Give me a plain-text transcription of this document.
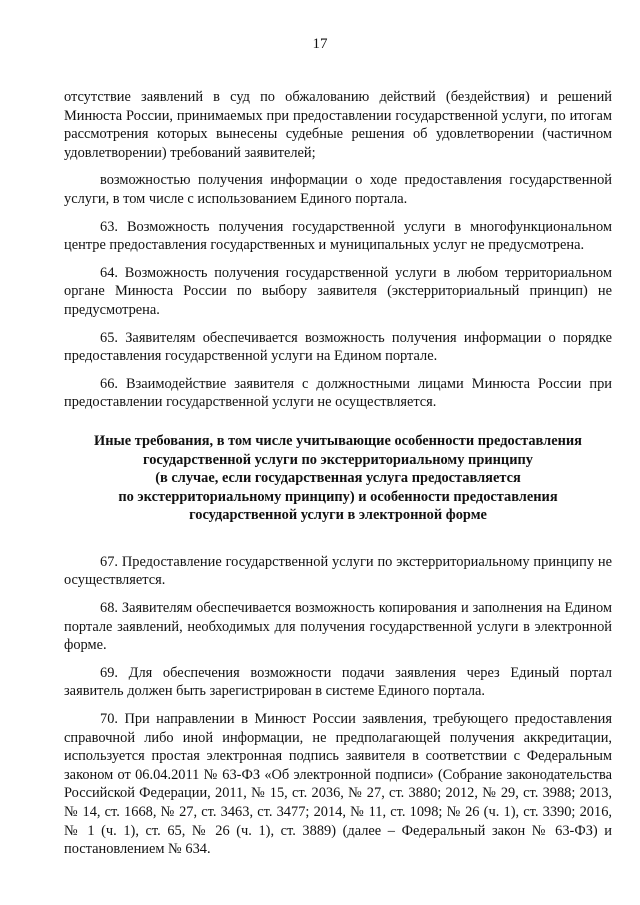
17

отсутствие заявлений в суд по обжалованию действий (бездействия) и решений Минюста России, принимаемых при предоставлении государственной услуги, по итогам рассмотрения которых вынесены судебные решения об удовлетворении (частичном удовлетворении) требований заявителей;

возможностью получения информации о ходе предоставления государственной услуги, в том числе с использованием Единого портала.

63. Возможность получения государственной услуги в многофункциональном центре предоставления государственных и муниципальных услуг не предусмотрена.

64. Возможность получения государственной услуги в любом территориальном органе Минюста России по выбору заявителя (экстерриториальный принцип) не предусмотрена.

65. Заявителям обеспечивается возможность получения информации о порядке предоставления государственной услуги на Едином портале.

66. Взаимодействие заявителя с должностными лицами Минюста России при предоставлении государственной услуги не осуществляется.

Иные требования, в том числе учитывающие особенности предоставления
государственной услуги по экстерриториальному принципу
(в случае, если государственная услуга предоставляется
по экстерриториальному принципу) и особенности предоставления
государственной услуги в электронной форме

67. Предоставление государственной услуги по экстерриториальному принципу не осуществляется.

68. Заявителям обеспечивается возможность копирования и заполнения на Едином портале заявлений, необходимых для получения государственной услуги в электронной форме.

69. Для обеспечения возможности подачи заявления через Единый портал заявитель должен быть зарегистрирован в системе Единого портала.

70. При направлении в Минюст России заявления, требующего предоставления справочной либо иной информации, не предполагающей получения аккредитации, используется простая электронная подпись заявителя в соответствии с Федеральным законом от 06.04.2011 № 63-ФЗ «Об электронной подписи» (Собрание законодательства Российской Федерации, 2011, № 15, ст. 2036, № 27, ст. 3880; 2012, № 29, ст. 3988; 2013, № 14, ст. 1668, № 27, ст. 3463, ст. 3477; 2014, № 11, ст. 1098; № 26 (ч. 1), ст. 3390; 2016, № 1 (ч. 1), ст. 65, № 26 (ч. 1), ст. 3889) (далее – Федеральный закон № 63-ФЗ) и постановлением № 634.
